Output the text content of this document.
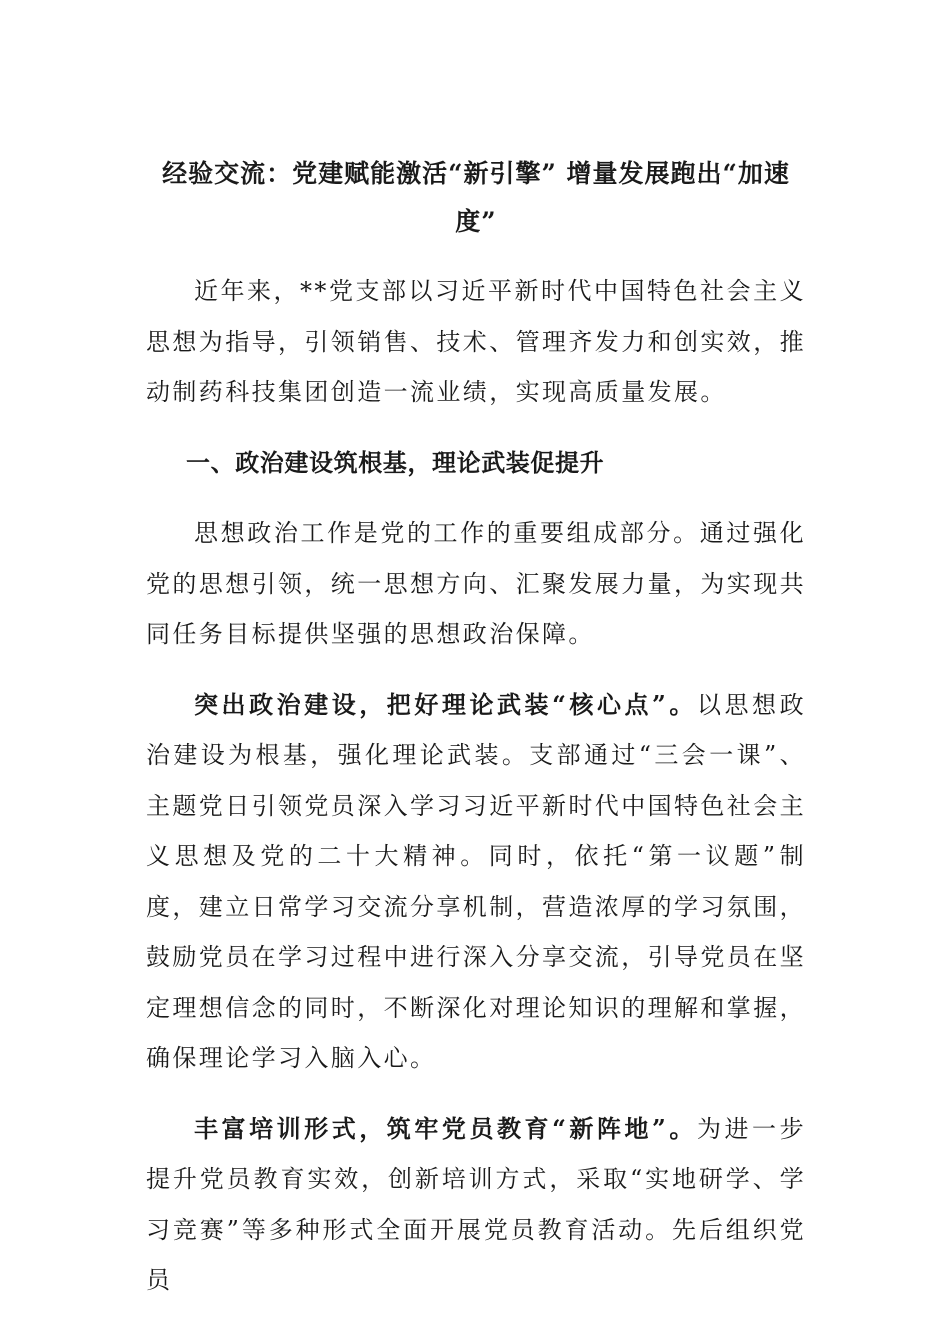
经验交流：党建赋能激活“新引擎” 增量发展跑出“加速度”

近年来，**党支部以习近平新时代中国特色社会主义思想为指导，引领销售、技术、管理齐发力和创实效，推动制药科技集团创造一流业绩，实现高质量发展。

一、政治建设筑根基，理论武装促提升

思想政治工作是党的工作的重要组成部分。通过强化党的思想引领，统一思想方向、汇聚发展力量，为实现共同任务目标提供坚强的思想政治保障。

突出政治建设，把好理论武装“核心点”。以思想政治建设为根基，强化理论武装。支部通过“三会一课”、主题党日引领党员深入学习习近平新时代中国特色社会主义思想及党的二十大精神。同时，依托“第一议题”制度，建立日常学习交流分享机制，营造浓厚的学习氛围，鼓励党员在学习过程中进行深入分享交流，引导党员在坚定理想信念的同时，不断深化对理论知识的理解和掌握，确保理论学习入脑入心。

丰富培训形式，筑牢党员教育“新阵地”。为进一步提升党员教育实效，创新培训方式，采取“实地研学、学习竞赛”等多种形式全面开展党员教育活动。先后组织党员
